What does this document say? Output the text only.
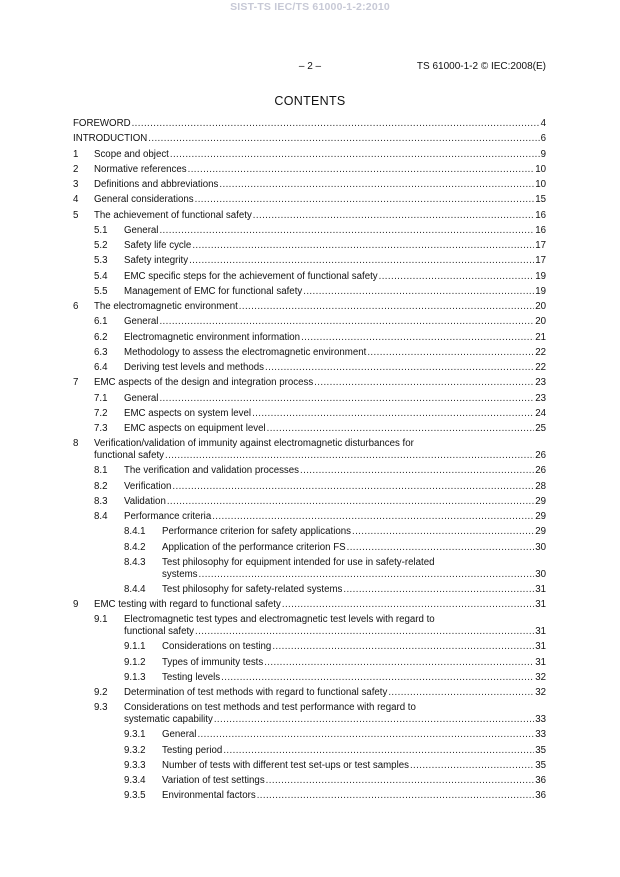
SIST-TS IEC/TS 61000-1-2:2010
– 2 –	TS 61000-1-2 © IEC:2008(E)
CONTENTS
FOREWORD .....	4
INTRODUCTION .....	6
1 Scope and object .....	9
2 Normative references .....	10
3 Definitions and abbreviations .....	10
4 General considerations .....	15
5 The achievement of functional safety .....	16
5.1 General .....	16
5.2 Safety life cycle .....	17
5.3 Safety integrity .....	17
5.4 EMC specific steps for the achievement of functional safety .....	19
5.5 Management of EMC for functional safety .....	19
6 The electromagnetic environment .....	20
6.1 General .....	20
6.2 Electromagnetic environment information .....	21
6.3 Methodology to assess the electromagnetic environment .....	22
6.4 Deriving test levels and methods .....	22
7 EMC aspects of the design and integration process .....	23
7.1 General .....	23
7.2 EMC aspects on system level .....	24
7.3 EMC aspects on equipment level .....	25
8 Verification/validation of immunity against electromagnetic disturbances for
functional safety .....	26
8.1 The verification and validation processes .....	26
8.2 Verification .....	28
8.3 Validation .....	29
8.4 Performance criteria .....	29
8.4.1 Performance criterion for safety applications .....	29
8.4.2 Application of the performance criterion FS .....	30
8.4.3 Test philosophy for equipment intended for use in safety-related
systems .....	30
8.4.4 Test philosophy for safety-related systems .....	31
9 EMC testing with regard to functional safety .....	31
9.1 Electromagnetic test types and electromagnetic test levels with regard to
functional safety .....	31
9.1.1 Considerations on testing .....	31
9.1.2 Types of immunity tests .....	31
9.1.3 Testing levels .....	32
9.2 Determination of test methods with regard to functional safety .....	32
9.3 Considerations on test methods and test performance with regard to
systematic capability .....	33
9.3.1 General .....	33
9.3.2 Testing period .....	35
9.3.3 Number of tests with different test set-ups or test samples .....	35
9.3.4 Variation of test settings .....	36
9.3.5 Environmental factors .....	36
